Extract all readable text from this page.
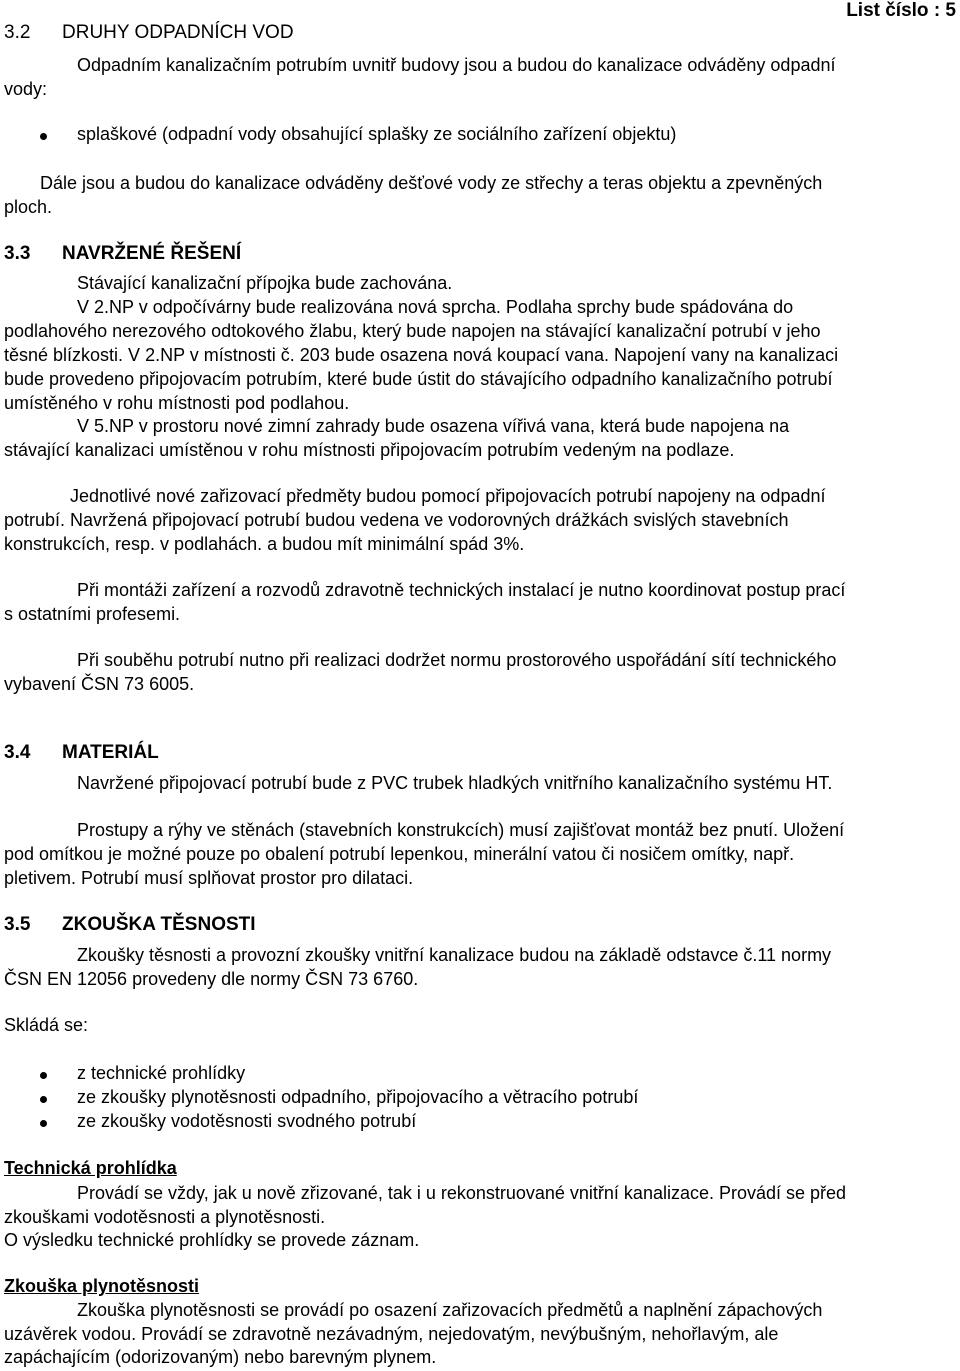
List číslo : 5
3.2 DRUHY ODPADNÍCH VOD
Odpadním kanalizačním potrubím uvnitř budovy jsou a budou do kanalizace odváděny odpadní
vody:
splaškové (odpadní vody obsahující splašky ze sociálního zařízení objektu)
Dále jsou a budou do kanalizace odváděny dešťové vody ze střechy a teras objektu a zpevněných
ploch.
3.3 NAVRŽENÉ ŘEŠENÍ
Stávající kanalizační přípojka bude zachována.
V 2.NP v odpočívárny bude realizována nová sprcha. Podlaha sprchy bude spádována do
podlahového nerezového odtokového žlabu, který bude napojen na stávající kanalizační potrubí v jeho
těsné blízkosti. V 2.NP v místnosti č. 203 bude osazena nová koupací vana. Napojení vany na kanalizaci
bude provedeno připojovacím potrubím, které bude ústit do stávajícího odpadního kanalizačního potrubí
umístěného v rohu místnosti pod podlahou.
V 5.NP v prostoru nové zimní zahrady bude osazena vířivá vana, která bude napojena na
stávající kanalizaci umístěnou v rohu místnosti připojovacím potrubím vedeným na podlaze.
Jednotlivé nové zařizovací předměty budou pomocí připojovacích potrubí napojeny na odpadní
potrubí. Navržená připojovací potrubí budou vedena ve vodorovných drážkách svislých stavebních
konstrukcích, resp. v podlahách. a budou mít minimální spád 3%.
Při montáži zařízení a rozvodů zdravotně technických instalací je nutno koordinovat postup prací
s ostatními profesemi.
Při souběhu potrubí nutno při realizaci dodržet normu prostorového uspořádání sítí technického
vybavení ČSN 73 6005.
3.4 MATERIÁL
Navržené připojovací potrubí bude z PVC trubek hladkých vnitřního kanalizačního systému HT.
Prostupy a rýhy ve stěnách (stavebních konstrukcích) musí zajišťovat montáž bez pnutí. Uložení
pod omítkou je možné pouze po obalení potrubí lepenkou, minerální vatou či nosičem omítky, např.
pletivem. Potrubí musí splňovat prostor pro dilataci.
3.5 ZKOUŠKA TĚSNOSTI
Zkoušky těsnosti a provozní zkoušky vnitřní kanalizace budou na základě odstavce č.11 normy
ČSN EN 12056 provedeny dle normy ČSN 73 6760.
Skládá se:
z technické prohlídky
ze zkoušky plynotěsnosti odpadního, připojovacího a větracího potrubí
ze zkoušky vodotěsnosti svodného potrubí
Technická prohlídka
Provádí se vždy, jak u nově zřizované, tak i u rekonstruované vnitřní kanalizace. Provádí se před
zkouškami vodotěsnosti a plynotěsnosti.
O výsledku technické prohlídky se provede záznam.
Zkouška plynotěsnosti
Zkouška plynotěsnosti se provádí po osazení zařizovacích předmětů a naplnění zápachových
uzávěrek vodou. Provádí se zdravotně nezávadným, nejedovatým, nevýbušným, nehořlavým, ale
zapáchajícím (odorizovaným) nebo barevným plynem.
